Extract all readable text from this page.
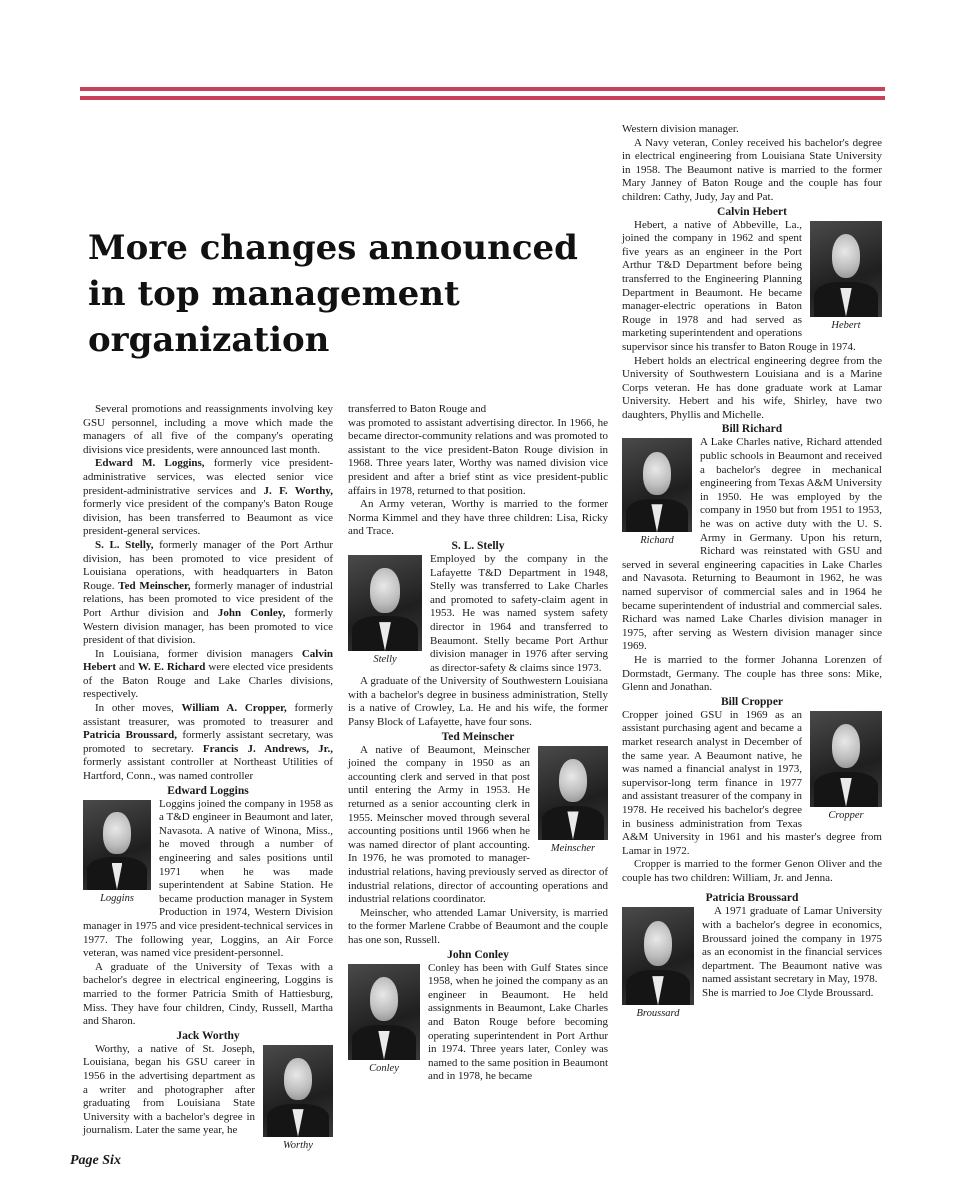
More changes announced in top management organization

Several promotions and reassignments involving key GSU personnel, including a move which made the managers of all five of the company's operating divisions vice presidents, were announced last month.

Edward M. Loggins, formerly vice president-administrative services, was elected senior vice president-administrative services and J. F. Worthy, formerly vice president of the company's Baton Rouge division, has been transferred to Beaumont as vice president-general services.

S. L. Stelly, formerly manager of the Port Arthur division, has been promoted to vice president of Louisiana operations, with headquarters in Baton Rouge. Ted Meinscher, formerly manager of industrial relations, has been promoted to vice president of the Port Arthur division and John Conley, formerly Western division manager, has been promoted to vice president of that division.

In Louisiana, former division managers Calvin Hebert and W. E. Richard were elected vice presidents of the Baton Rouge and Lake Charles divisions, respectively.

In other moves, William A. Cropper, formerly assistant treasurer, was promoted to treasurer and Patricia Broussard, formerly assistant secretary, was promoted to secretary. Francis J. Andrews, Jr., formerly assistant controller at Northeast Utilities of Hartford, Conn., was named controller

Edward Loggins
Loggins

Loggins joined the company in 1958 as a T&D engineer in Beaumont and later, Navasota. A native of Winona, Miss., he moved through a number of engineering and sales positions until 1971 when he was made superintendent at Sabine Station. He became production manager in System Production in 1974, Western Division manager in 1975 and vice president-technical services in 1977. The following year, Loggins, an Air Force veteran, was named vice president-personnel.

A graduate of the University of Texas with a bachelor's degree in electrical engineering, Loggins is married to the former Patricia Smith of Hattiesburg, Miss. They have four children, Cindy, Russell, Martha and Sharon.

Jack Worthy
Worthy

Worthy, a native of St. Joseph, Louisiana, began his GSU career in 1956 in the advertising department as a writer and photographer after graduating from Louisiana State University with a bachelor's degree in journalism. Later the same year, he

transferred to Baton Rouge and

was promoted to assistant advertising director. In 1966, he became director-community relations and was promoted to assistant to the vice president-Baton Rouge division in 1968. Three years later, Worthy was named division vice president and after a brief stint as vice president-public affairs in 1978, returned to that position.

An Army veteran, Worthy is married to the former Norma Kimmel and they have three children: Lisa, Ricky and Trace.

S. L. Stelly
Stelly

Employed by the company in the Lafayette T&D Department in 1948, Stelly was transferred to Lake Charles and promoted to safety-claim agent in 1953. He was named system safety director in 1964 and transferred to Beaumont. Stelly became Port Arthur division manager in 1976 after serving as director-safety & claims since 1973.

A graduate of the University of Southwestern Louisiana with a bachelor's degree in business administration, Stelly is a native of Crowley, La. He and his wife, the former Pansy Block of Lafayette, have four sons.

Ted Meinscher
Meinscher

A native of Beaumont, Meinscher joined the company in 1950 as an accounting clerk and served in that post until entering the Army in 1953. He returned as a senior accounting clerk in 1955. Meinscher moved through several accounting positions until 1966 when he was named director of plant accounting. In 1976, he was promoted to manager-industrial relations, having previously served as director of industrial relations, director of accounting operations and industrial relations coordinator.

Meinscher, who attended Lamar University, is married to the former Marlene Crabbe of Beaumont and the couple has one son, Russell.

John Conley
Conley

Conley has been with Gulf States since 1958, when he joined the company as an engineer in Beaumont. He held assignments in Beaumont, Lake Charles and Baton Rouge before becoming operating superintendent in Port Arthur in 1974. Three years later, Conley was named to the same position in Beaumont and in 1978, he became

Western division manager.

A Navy veteran, Conley received his bachelor's degree in electrical engineering from Louisiana State University in 1958. The Beaumont native is married to the former Mary Janney of Baton Rouge and the couple has four children: Cathy, Judy, Jay and Pat.

Calvin Hebert
Hebert

Hebert, a native of Abbeville, La., joined the company in 1962 and spent five years as an engineer in the Port Arthur T&D Department before being transferred to the Engineering Planning Department in Beaumont. He became manager-electric operations in Baton Rouge in 1978 and had served as marketing superintendent and operations supervisor since his transfer to Baton Rouge in 1974.

Hebert holds an electrical engineering degree from the University of Southwestern Louisiana and is a Marine Corps veteran. He has done graduate work at Lamar University. Hebert and his wife, Shirley, have two daughters, Phyllis and Michelle.

Bill Richard
Richard

A Lake Charles native, Richard attended public schools in Beaumont and received a bachelor's degree in mechanical engineering from Texas A&M University in 1950. He was employed by the company in 1950 but from 1951 to 1953, he was on active duty with the U. S. Army in Germany. Upon his return, Richard was reinstated with GSU and served in several engineering capacities in Lake Charles and Navasota. Returning to Beaumont in 1962, he was named supervisor of commercial sales and in 1964 he became superintendent of industrial and commercial sales. Richard was named Lake Charles division manager in 1975, after serving as Western division manager since 1969.

He is married to the former Johanna Lorenzen of Dormstadt, Germany. The couple has three sons: Mike, Glenn and Jonathan.

Bill Cropper
Cropper

Cropper joined GSU in 1969 as an assistant purchasing agent and became a market research analyst in December of the same year. A Beaumont native, he was named a financial analyst in 1973, supervisor-long term finance in 1977 and assistant treasurer of the company in 1978. He received his bachelor's degree in business administration from Texas A&M University in 1961 and his master's degree from Lamar in 1972.

Cropper is married to the former Genon Oliver and the couple has two children: William, Jr. and Jenna.

Patricia Broussard
Broussard

A 1971 graduate of Lamar University with a bachelor's degree in economics, Broussard joined the company in 1975 as an economist in the financial services department. The Beaumont native was named assistant secretary in May, 1978.

She is married to Joe Clyde Broussard.

Page Six
